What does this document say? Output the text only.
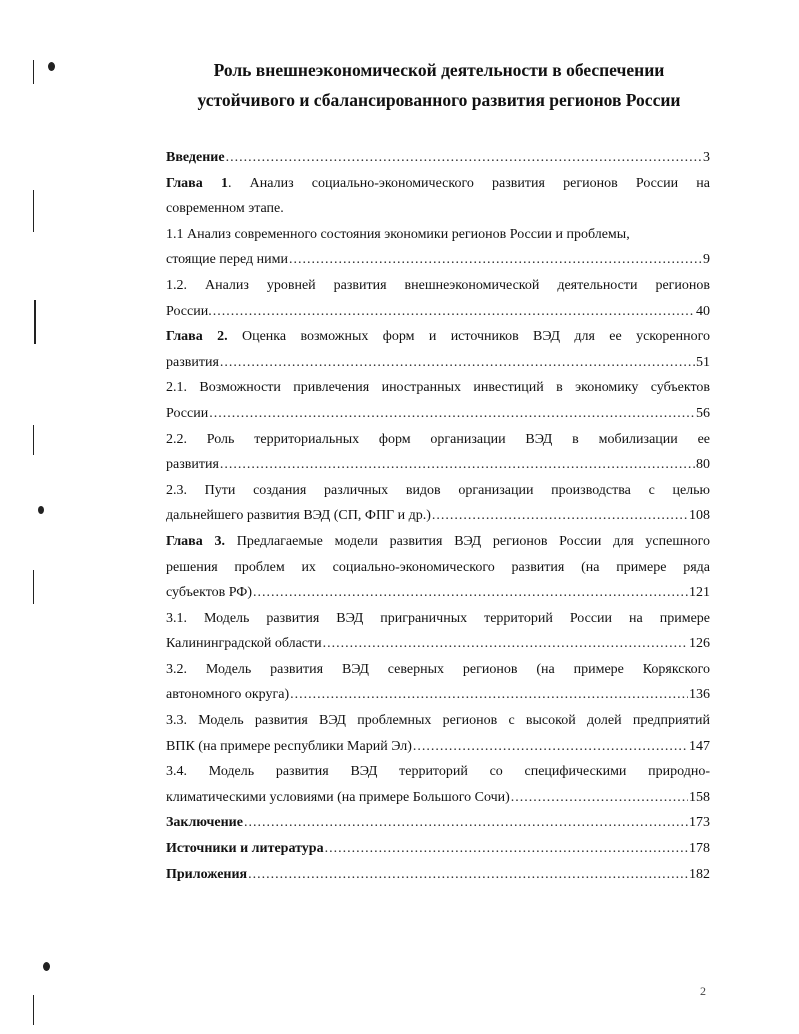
Роль внешнеэкономической деятельности в обеспечении
устойчивого и сбалансированного развития регионов России
Введение .....	3
Глава 1. Анализ социально-экономического развития регионов России на
современном этапе.
1.1 Анализ современного состояния экономики регионов России и проблемы,
стоящие перед ними .....	9
1.2. Анализ уровней развития внешнеэкономической деятельности регионов
России. .....	40
Глава 2. Оценка возможных форм и источников ВЭД для ее ускоренного
развития .....	51
2.1. Возможности привлечения иностранных инвестиций в экономику субъектов
России .....	56
2.2. Роль территориальных форм организации ВЭД в мобилизации ее
развития .....	80
2.3. Пути создания различных видов организации производства с целью
дальнейшего развития ВЭД (СП, ФПГ и др.) .....	108
Глава 3. Предлагаемые модели развития ВЭД регионов России для успешного
решения проблем их социально-экономического развития (на примере ряда
субъектов РФ) .....	121
3.1. Модель развития ВЭД приграничных территорий России на примере
Калининградской области .....	126
3.2. Модель развития ВЭД северных регионов (на примере Корякского
автономного округа) .....	136
3.3. Модель развития ВЭД проблемных регионов с высокой долей предприятий
ВПК (на примере республики Марий Эл) .....	147
3.4. Модель развития ВЭД территорий со специфическими природно-
климатическими условиями (на примере Большого Сочи) .....	158
Заключение .....	173
Источники и литература .....	178
Приложения .....	182
2
